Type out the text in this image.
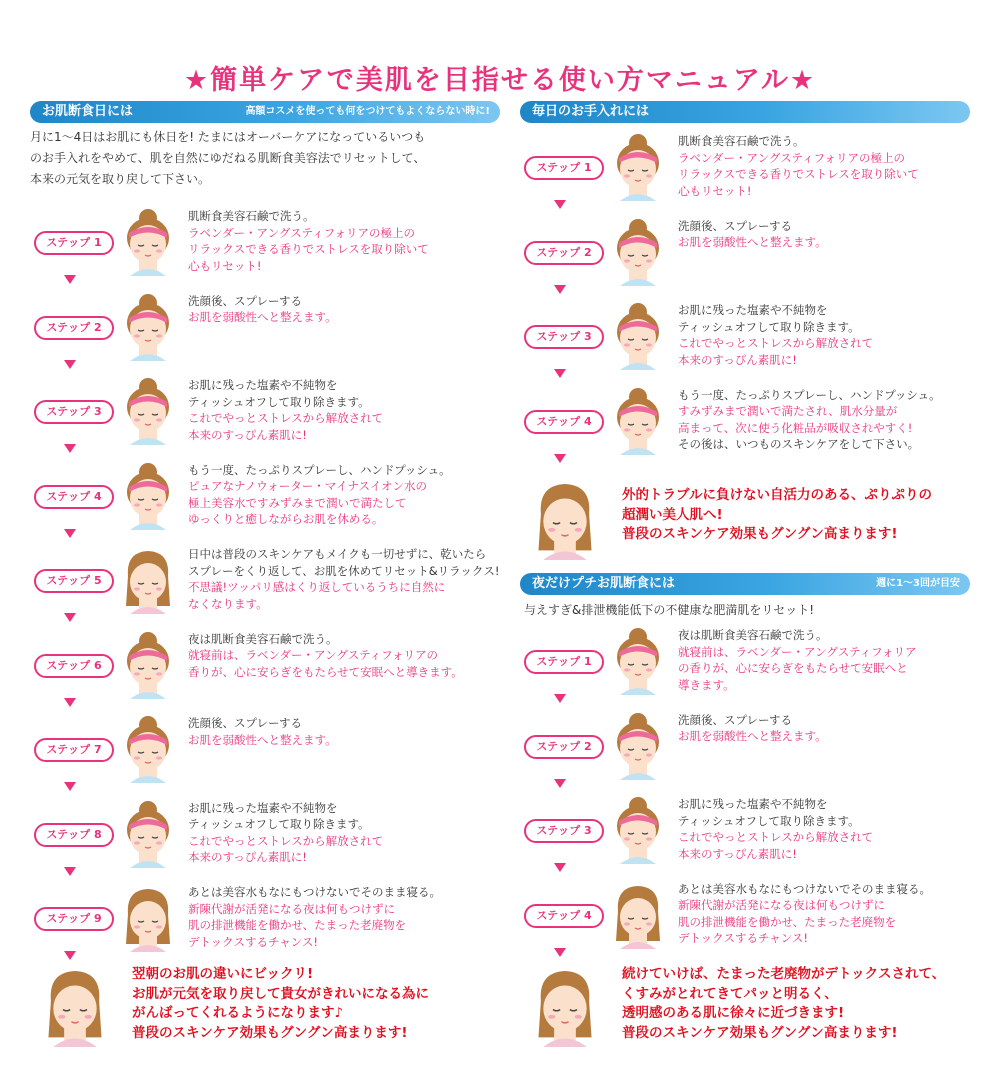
★簡単ケアで美肌を目指せる使い方マニュアル★
お肌断食日には	高額コスメを使っても何をつけてもよくならない時に!
月に1〜4日はお肌にも休日を! たまにはオーバーケアになっているいつも
のお手入れをやめて、肌を自然にゆだねる肌断食美容法でリセットして、
本来の元気を取り戻して下さい。
ステップ 1
肌断食美容石鹸で洗う。
ラベンダー・アングスティフォリアの極上の
リラックスできる香りでストレスを取り除いて
心もリセット!
ステップ 2
洗顔後、スプレーする
お肌を弱酸性へと整えます。
ステップ 3
お肌に残った塩素や不純物を
ティッシュオフして取り除きます。
これでやっとストレスから解放されて
本来のすっぴん素肌に!
ステップ 4
もう一度、たっぷりスプレーし、ハンドプッシュ。
ピュアなナノウォーター・マイナスイオン水の
極上美容水ですみずみまで潤いで満たして
ゆっくりと癒しながらお肌を休める。
ステップ 5
日中は普段のスキンケアもメイクも一切せずに、乾いたら
スプレーをくり返して、お肌を休めてリセット&リラックス!
不思議!ツッパリ感はくり返しているうちに自然に
なくなります。
ステップ 6
夜は肌断食美容石鹸で洗う。
就寝前は、ラベンダー・アングスティフォリアの
香りが、心に安らぎをもたらせて安眠へと導きます。
ステップ 7
洗顔後、スプレーする
お肌を弱酸性へと整えます。
ステップ 8
お肌に残った塩素や不純物を
ティッシュオフして取り除きます。
これでやっとストレスから解放されて
本来のすっぴん素肌に!
ステップ 9
あとは美容水もなにもつけないでそのまま寝る。
新陳代謝が活発になる夜は何もつけずに
肌の排泄機能を働かせ、たまった老廃物を
デトックスするチャンス!
翌朝のお肌の違いにビックリ!
お肌が元気を取り戻して貴女がきれいになる為に
がんばってくれるようになります♪
普段のスキンケア効果もグングン高まります!
毎日のお手入れには
ステップ 1
肌断食美容石鹸で洗う。
ラベンダー・アングスティフォリアの極上の
リラックスできる香りでストレスを取り除いて
心もリセット!
ステップ 2
洗顔後、スプレーする
お肌を弱酸性へと整えます。
ステップ 3
お肌に残った塩素や不純物を
ティッシュオフして取り除きます。
これでやっとストレスから解放されて
本来のすっぴん素肌に!
ステップ 4
もう一度、たっぷりスプレーし、ハンドプッシュ。
すみずみまで潤いで満たされ、肌水分量が
高まって、次に使う化粧品が吸収されやすく!
その後は、いつものスキンケアをして下さい。
外的トラブルに負けない自活力のある、ぷりぷりの
超潤い美人肌へ!
普段のスキンケア効果もグングン高まります!
夜だけプチお肌断食には	週に1〜3回が目安
与えすぎ&排泄機能低下の不健康な肥満肌をリセット!
ステップ 1
夜は肌断食美容石鹸で洗う。
就寝前は、ラベンダー・アングスティフォリア
の香りが、心に安らぎをもたらせて安眠へと
導きます。
ステップ 2
洗顔後、スプレーする
お肌を弱酸性へと整えます。
ステップ 3
お肌に残った塩素や不純物を
ティッシュオフして取り除きます。
これでやっとストレスから解放されて
本来のすっぴん素肌に!
ステップ 4
あとは美容水もなにもつけないでそのまま寝る。
新陳代謝が活発になる夜は何もつけずに
肌の排泄機能を働かせ、たまった老廃物を
デトックスするチャンス!
続けていけば、たまった老廃物がデトックスされて、
くすみがとれてきてパッと明るく、
透明感のある肌に徐々に近づきます!
普段のスキンケア効果もグングン高まります!
